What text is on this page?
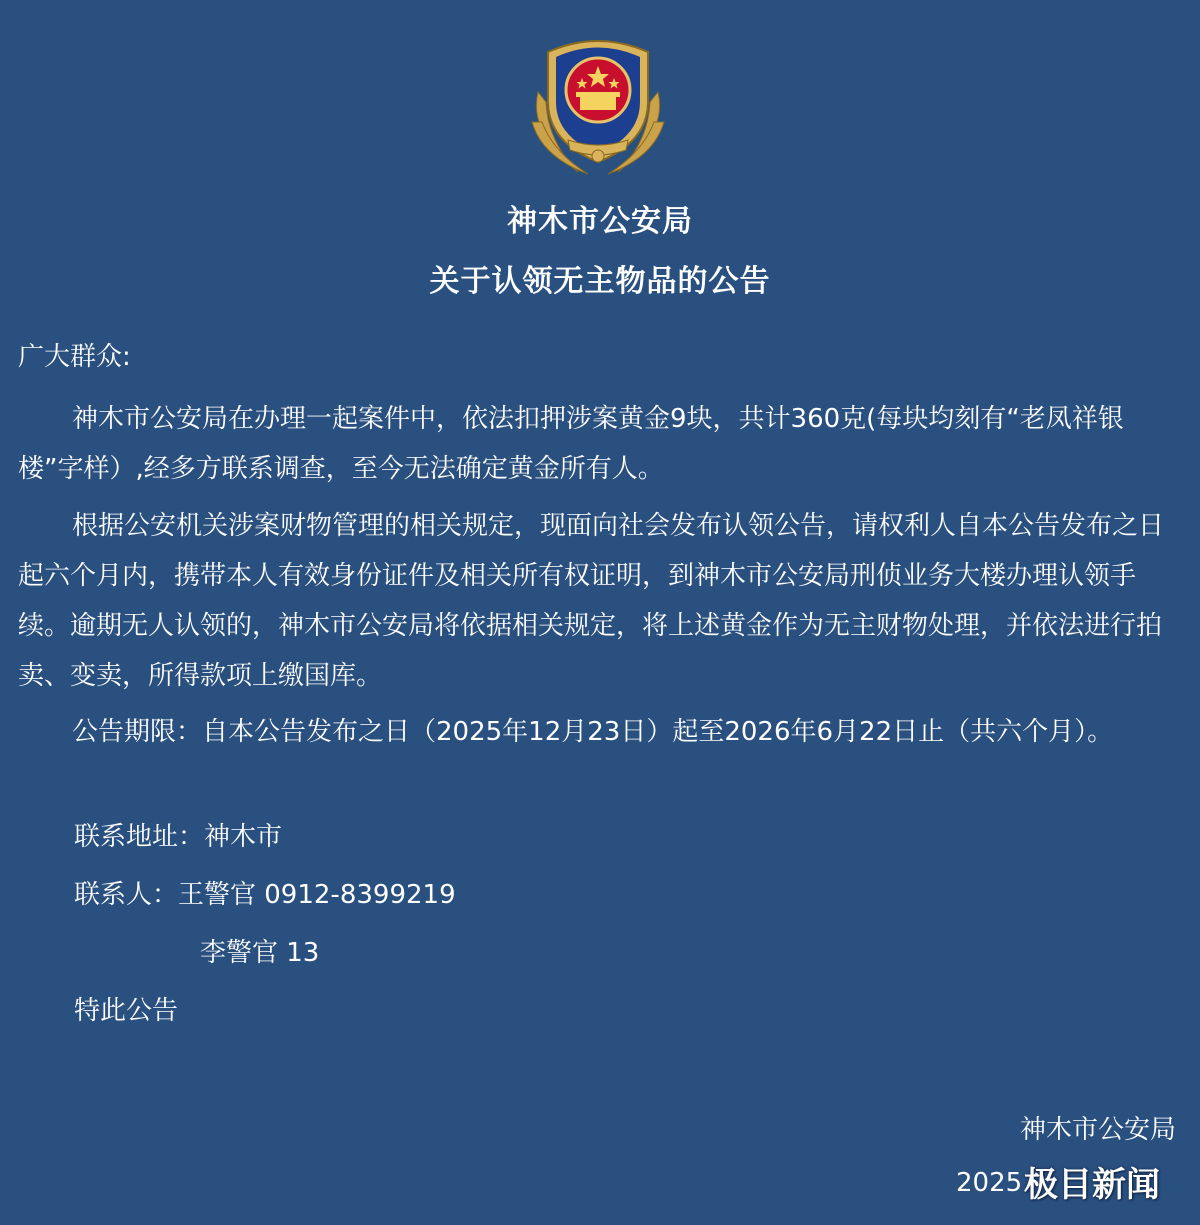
神木市公安局
关于认领无主物品的公告
广大群众:
神木市公安局在办理一起案件中，依法扣押涉案黄金9块，共计360克(每块均刻有“老凤祥银楼”字样）,经多方联系调查，至今无法确定黄金所有人。
根据公安机关涉案财物管理的相关规定，现面向社会发布认领公告，请权利人自本公告发布之日起六个月内，携带本人有效身份证件及相关所有权证明，到神木市公安局刑侦业务大楼办理认领手续。逾期无人认领的，神木市公安局将依据相关规定，将上述黄金作为无主财物处理，并依法进行拍卖、变卖，所得款项上缴国库。
公告期限：自本公告发布之日（2025年12月23日）起至2026年6月22日止（共六个月）。
联系地址：神木市
联系人：王警官 0912-8399219
李警官 13
特此公告
神木市公安局
2025 极目新闻
